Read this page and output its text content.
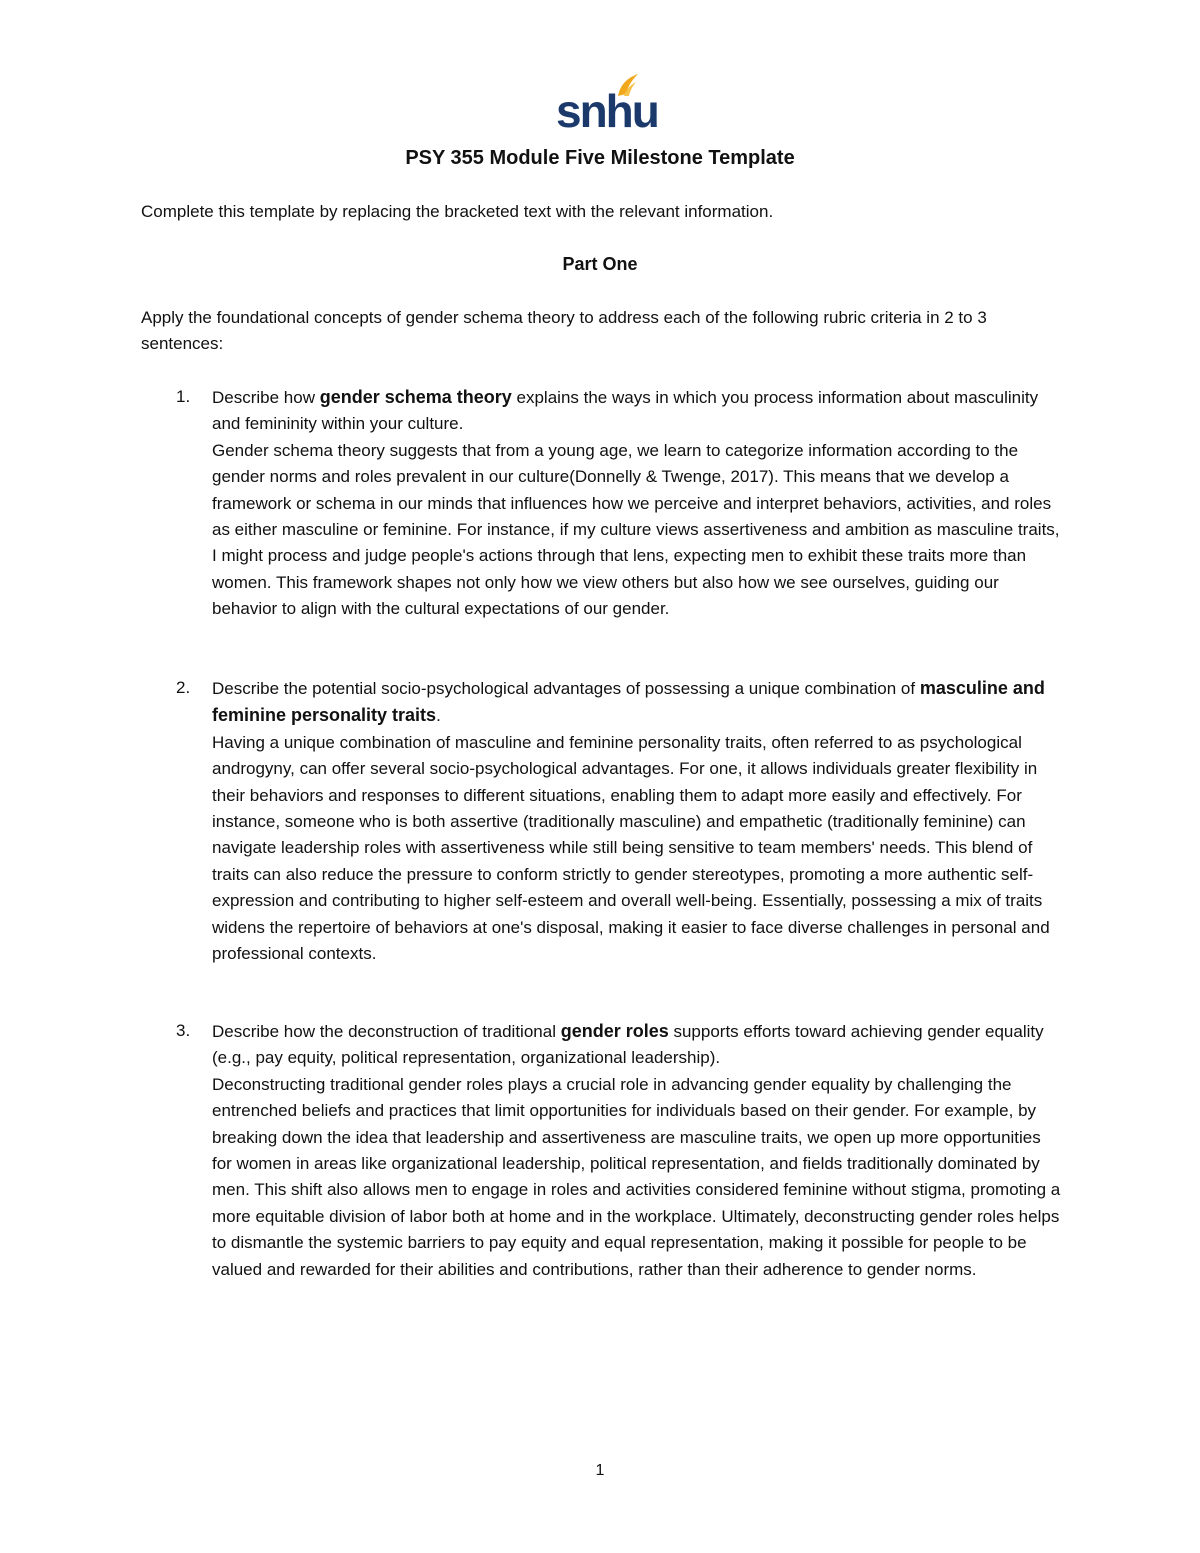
snhu
PSY 355 Module Five Milestone Template
Complete this template by replacing the bracketed text with the relevant information.
Part One
Apply the foundational concepts of gender schema theory to address each of the following rubric criteria in 2 to 3 sentences:
1. Describe how gender schema theory explains the ways in which you process information about masculinity and femininity within your culture.
Gender schema theory suggests that from a young age, we learn to categorize information according to the gender norms and roles prevalent in our culture(Donnelly & Twenge, 2017). This means that we develop a framework or schema in our minds that influences how we perceive and interpret behaviors, activities, and roles as either masculine or feminine. For instance, if my culture views assertiveness and ambition as masculine traits, I might process and judge people's actions through that lens, expecting men to exhibit these traits more than women. This framework shapes not only how we view others but also how we see ourselves, guiding our behavior to align with the cultural expectations of our gender.
2. Describe the potential socio-psychological advantages of possessing a unique combination of masculine and feminine personality traits.
Having a unique combination of masculine and feminine personality traits, often referred to as psychological androgyny, can offer several socio-psychological advantages. For one, it allows individuals greater flexibility in their behaviors and responses to different situations, enabling them to adapt more easily and effectively. For instance, someone who is both assertive (traditionally masculine) and empathetic (traditionally feminine) can navigate leadership roles with assertiveness while still being sensitive to team members' needs. This blend of traits can also reduce the pressure to conform strictly to gender stereotypes, promoting a more authentic self-expression and contributing to higher self-esteem and overall well-being. Essentially, possessing a mix of traits widens the repertoire of behaviors at one's disposal, making it easier to face diverse challenges in personal and professional contexts.
3. Describe how the deconstruction of traditional gender roles supports efforts toward achieving gender equality (e.g., pay equity, political representation, organizational leadership).
Deconstructing traditional gender roles plays a crucial role in advancing gender equality by challenging the entrenched beliefs and practices that limit opportunities for individuals based on their gender. For example, by breaking down the idea that leadership and assertiveness are masculine traits, we open up more opportunities for women in areas like organizational leadership, political representation, and fields traditionally dominated by men. This shift also allows men to engage in roles and activities considered feminine without stigma, promoting a more equitable division of labor both at home and in the workplace. Ultimately, deconstructing gender roles helps to dismantle the systemic barriers to pay equity and equal representation, making it possible for people to be valued and rewarded for their abilities and contributions, rather than their adherence to gender norms.
1
